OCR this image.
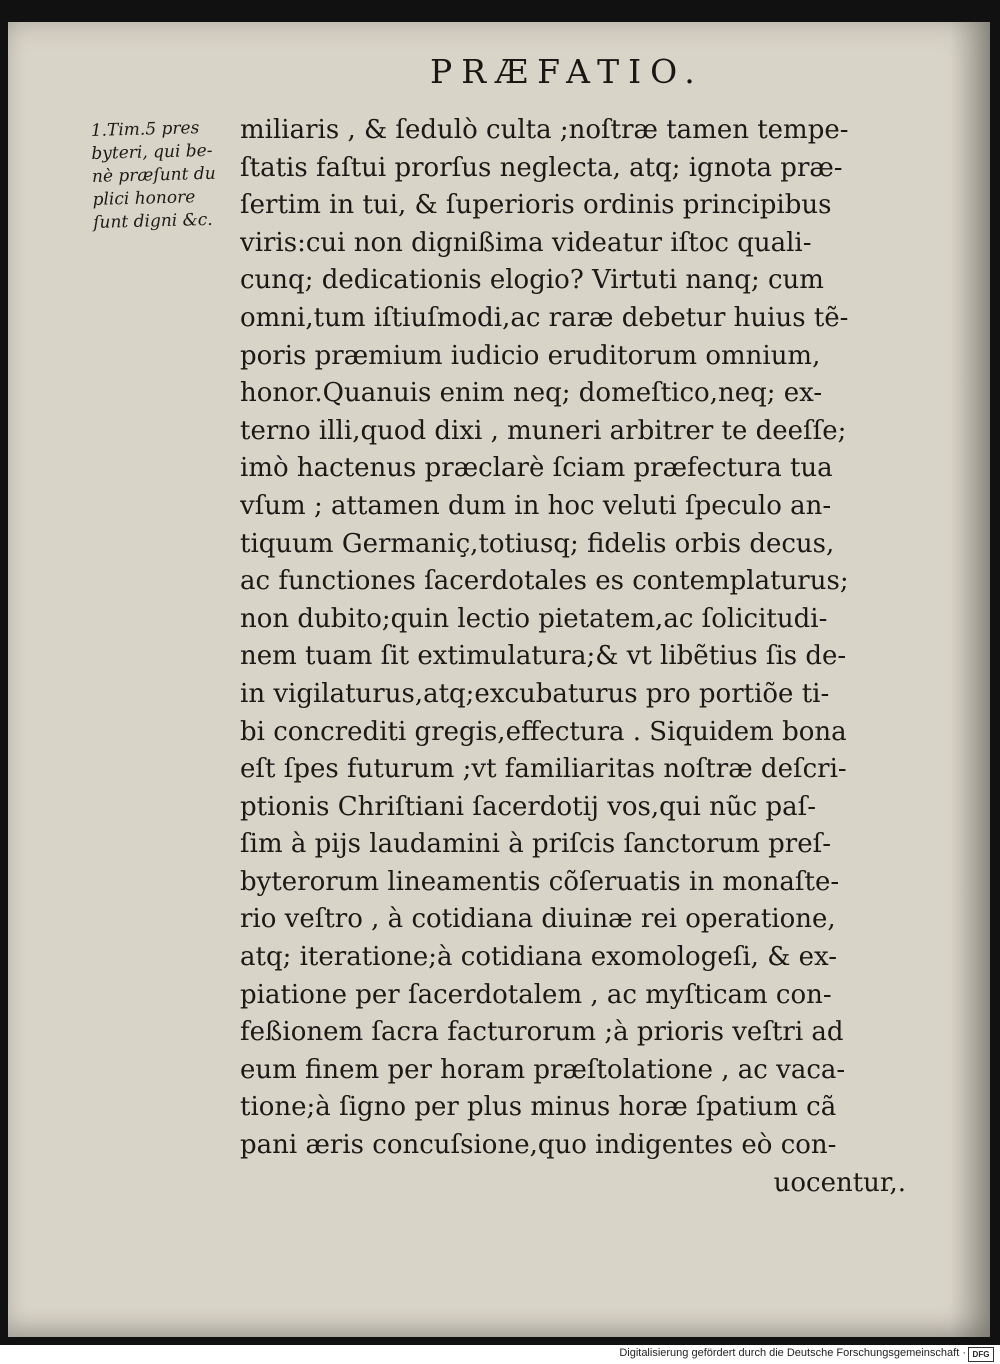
PRÆFATIO.
1.Tim.5 pres
byteri, qui be-
nè præſunt du
plici honore
ſunt digni &c.
miliaris , & ſedulò culta ;noſtræ tamen tempe-
ſtatis faſtui prorſus neglecta, atq; ignota præ-
ſertim in tui, & ſuperioris ordinis principibus
viris:cui non dignißima videatur iſtoc quali-
cunq; dedicationis elogio? Virtuti nanq; cum
omni,tum iſtiuſmodi,ac raræ debetur huius tẽ-
poris præmium iudicio eruditorum omnium,
honor.Quanuis enim neq; domeſtico,neq; ex-
terno illi,quod dixi , muneri arbitrer te deeſſe;
imò hactenus præclarè ſciam præfectura tua
vſum ; attamen dum in hoc veluti ſpeculo an-
tiquum Germaniç,totiusq; fidelis orbis decus,
ac functiones ſacerdotales es contemplaturus;
non dubito;quin lectio pietatem,ac ſolicitudi-
nem tuam ſit extimulatura;& vt libẽtius ſis de-
in vigilaturus,atq;excubaturus pro portiõe ti-
bi concrediti gregis,effectura . Siquidem bona
eſt ſpes futurum ;vt familiaritas noſtræ deſcri-
ptionis Chriſtiani ſacerdotij vos,qui nũc paſ-
ſim à pijs laudamini à priſcis ſanctorum preſ-
byterorum lineamentis cõſeruatis in monaſte-
rio veſtro , à cotidiana diuinæ rei operatione,
atq; iteratione;à cotidiana exomologeſi, & ex-
piatione per ſacerdotalem , ac myſticam con-
feßionem ſacra facturorum ;à prioris veſtri ad
eum finem per horam præſtolatione , ac vaca-
tione;à ſigno per plus minus horæ ſpatium cã
pani æris concuſsione,quo indigentes eò con-
uocentur,.
Digitalisierung gefördert durch die Deutsche Forschungsgemeinschaft · DFG
